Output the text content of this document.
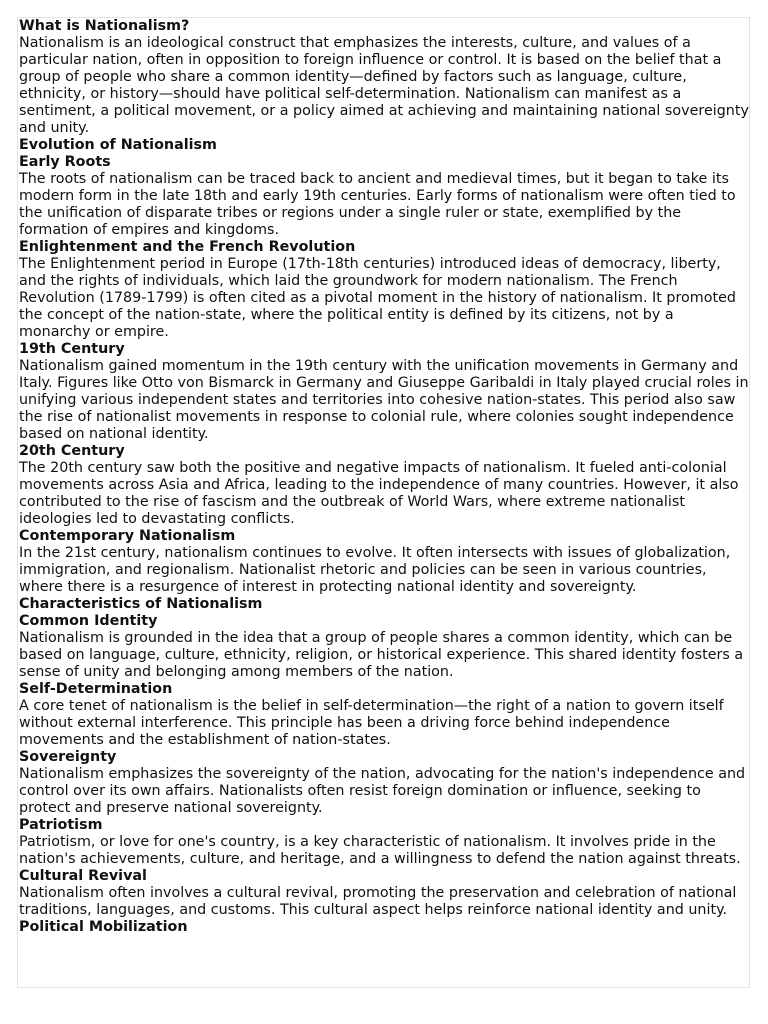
What is Nationalism?
Nationalism is an ideological construct that emphasizes the interests, culture, and values of a particular nation, often in opposition to foreign influence or control. It is based on the belief that a group of people who share a common identity—defined by factors such as language, culture, ethnicity, or history—should have political self-determination. Nationalism can manifest as a sentiment, a political movement, or a policy aimed at achieving and maintaining national sovereignty and unity.
Evolution of Nationalism
Early Roots
The roots of nationalism can be traced back to ancient and medieval times, but it began to take its modern form in the late 18th and early 19th centuries. Early forms of nationalism were often tied to the unification of disparate tribes or regions under a single ruler or state, exemplified by the formation of empires and kingdoms.
Enlightenment and the French Revolution
The Enlightenment period in Europe (17th-18th centuries) introduced ideas of democracy, liberty, and the rights of individuals, which laid the groundwork for modern nationalism. The French Revolution (1789-1799) is often cited as a pivotal moment in the history of nationalism. It promoted the concept of the nation-state, where the political entity is defined by its citizens, not by a monarchy or empire.
19th Century
Nationalism gained momentum in the 19th century with the unification movements in Germany and Italy. Figures like Otto von Bismarck in Germany and Giuseppe Garibaldi in Italy played crucial roles in unifying various independent states and territories into cohesive nation-states. This period also saw the rise of nationalist movements in response to colonial rule, where colonies sought independence based on national identity.
20th Century
The 20th century saw both the positive and negative impacts of nationalism. It fueled anti-colonial movements across Asia and Africa, leading to the independence of many countries. However, it also contributed to the rise of fascism and the outbreak of World Wars, where extreme nationalist ideologies led to devastating conflicts.
Contemporary Nationalism
In the 21st century, nationalism continues to evolve. It often intersects with issues of globalization, immigration, and regionalism. Nationalist rhetoric and policies can be seen in various countries, where there is a resurgence of interest in protecting national identity and sovereignty.
Characteristics of Nationalism
Common Identity
Nationalism is grounded in the idea that a group of people shares a common identity, which can be based on language, culture, ethnicity, religion, or historical experience. This shared identity fosters a sense of unity and belonging among members of the nation.
Self-Determination
A core tenet of nationalism is the belief in self-determination—the right of a nation to govern itself without external interference. This principle has been a driving force behind independence movements and the establishment of nation-states.
Sovereignty
Nationalism emphasizes the sovereignty of the nation, advocating for the nation's independence and control over its own affairs. Nationalists often resist foreign domination or influence, seeking to protect and preserve national sovereignty.
Patriotism
Patriotism, or love for one's country, is a key characteristic of nationalism. It involves pride in the nation's achievements, culture, and heritage, and a willingness to defend the nation against threats.
Cultural Revival
Nationalism often involves a cultural revival, promoting the preservation and celebration of national traditions, languages, and customs. This cultural aspect helps reinforce national identity and unity.
Political Mobilization
